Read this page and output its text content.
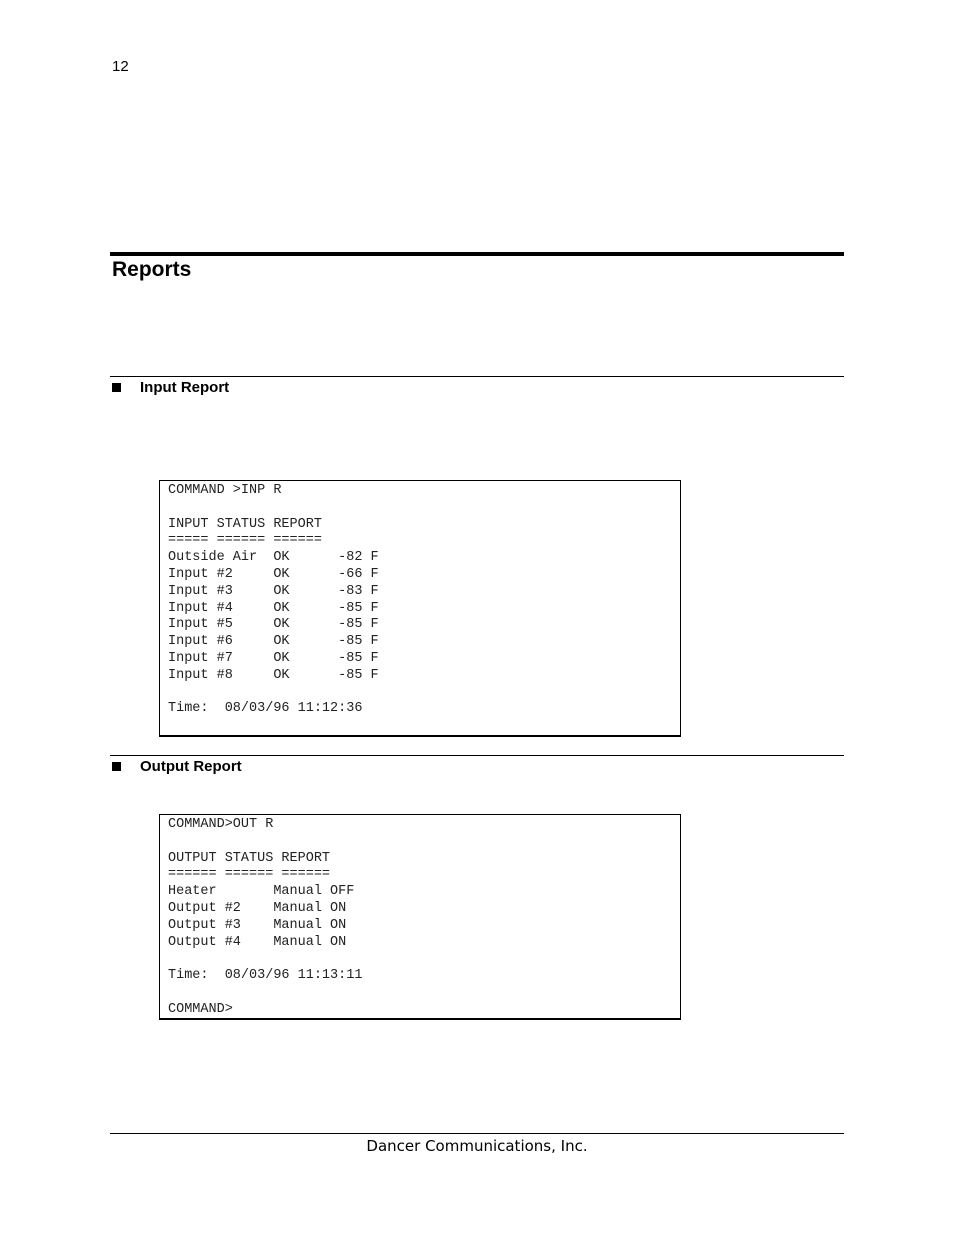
12
Reports
Input Report
COMMAND >INP R

INPUT STATUS REPORT
===== ====== ======
Outside Air  OK      -82 F
Input #2     OK      -66 F
Input #3     OK      -83 F
Input #4     OK      -85 F
Input #5     OK      -85 F
Input #6     OK      -85 F
Input #7     OK      -85 F
Input #8     OK      -85 F

Time:  08/03/96 11:12:36

Output Report
COMMAND>OUT R

OUTPUT STATUS REPORT
====== ====== ======
Heater       Manual OFF
Output #2    Manual ON
Output #3    Manual ON
Output #4    Manual ON

Time:  08/03/96 11:13:11

COMMAND>
Dancer Communications, Inc.
